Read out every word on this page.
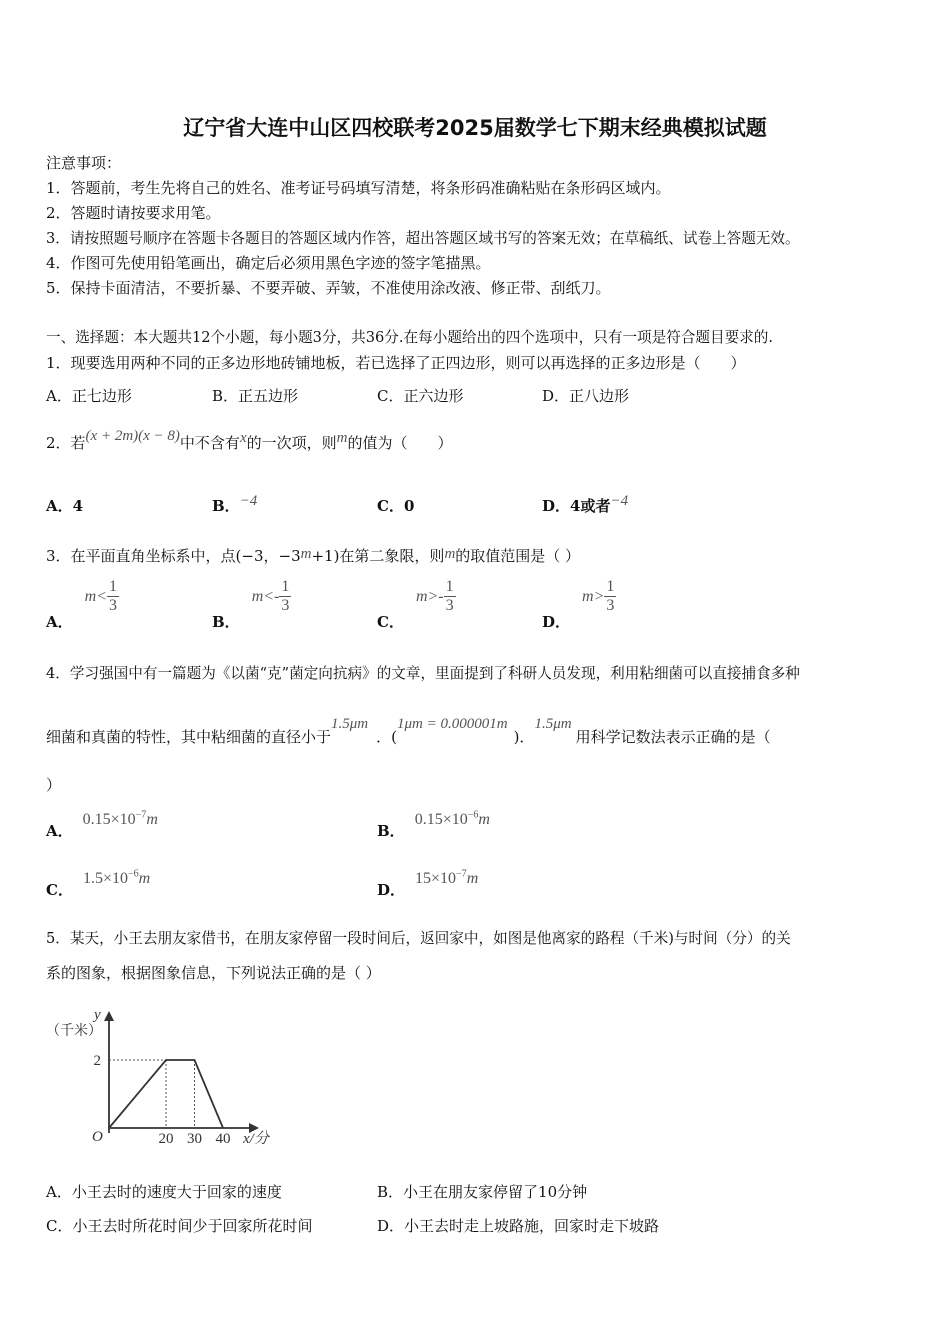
辽宁省大连中山区四校联考2025届数学七下期末经典模拟试题
注意事项：
1．答题前，考生先将自己的姓名、准考证号码填写清楚，将条形码准确粘贴在条形码区域内。
2．答题时请按要求用笔。
3．请按照题号顺序在答题卡各题目的答题区域内作答，超出答题区域书写的答案无效；在草稿纸、试卷上答题无效。
4．作图可先使用铅笔画出，确定后必须用黑色字迹的签字笔描黑。
5．保持卡面清洁，不要折暴、不要弄破、弄皱，不准使用涂改液、修正带、刮纸刀。
一、选择题：本大题共12个小题，每小题3分，共36分.在每小题给出的四个选项中，只有一项是符合题目要求的.
1．现要选用两种不同的正多边形地砖铺地板，若已选择了正四边形，则可以再选择的正多边形是（　　）
A．正七边形	B．正五边形	C．正六边形	D．正八边形
2．若(x + 2m)(x − 8)中不含有x的一次项，则m的值为（　　）
A．4	B．−4	C．0	D．4或者−4
3．在平面直角坐标系中，点(−3，−3m+1)在第二象限，则m的取值范围是（ ）
A．$m< \frac{1}{3}$
B．$m<- \frac{1}{3}$
C．$m>- \frac{1}{3}$
D．$m> \frac{1}{3}$
4．学习强国中有一篇题为《以菌“克”菌定向抗病》的文章，里面提到了科研人员发现，利用粘细菌可以直接捕食多种
细菌和真菌的特性，其中粘细菌的直径小于1.5μm．(1μm = 0.000001m)．1.5μm用科学记数法表示正确的是（
）
A．$0.15\times 10^{-7}m$
B．$0.15\times 10^{-6}m$
C．$1.5\times 10^{-6}m$
D．$15\times 10^{-7}m$
5．某天，小王去朋友家借书，在朋友家停留一段时间后，返回家中，如图是他离家的路程（千米)与时间（分）的关
系的图象，根据图象信息，下列说法正确的是（ ）
（千米）
y
x/分
O	20 30 40
2
A．小王去时的速度大于回家的速度	B．小王在朋友家停留了10分钟
C．小王去时所花时间少于回家所花时间	D．小王去时走上坡路施，回家时走下坡路
